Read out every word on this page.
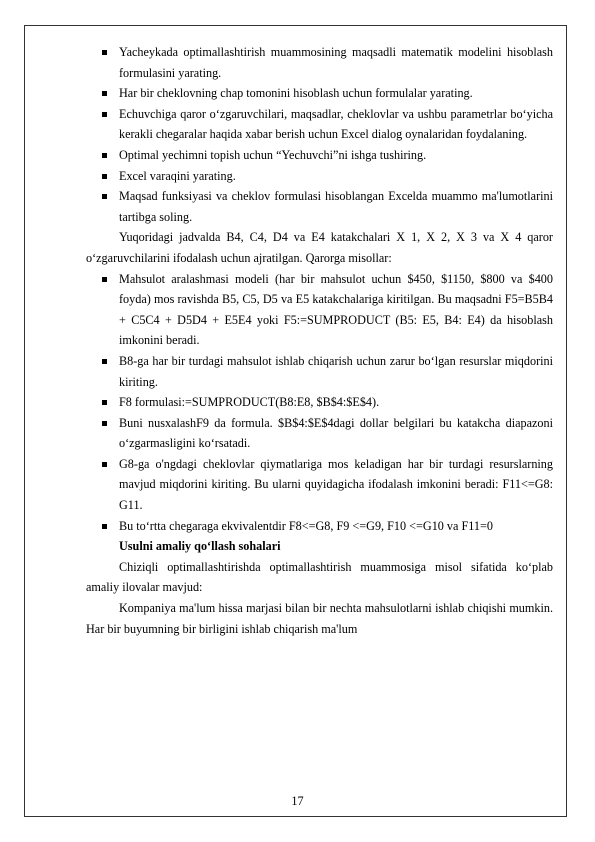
Yacheykada optimallashtirish muammosining maqsadli matematik modelini hisoblash formulasini yarating.
Har bir cheklovning chap tomonini hisoblash uchun formulalar yarating.
Echuvchiga qaror o‘zgaruvchilari, maqsadlar, cheklovlar va ushbu parametrlar bo‘yicha kerakli chegaralar haqida xabar berish uchun Excel dialog oynalaridan foydalaning.
Optimal yechimni topish uchun “Yechuvchi”ni ishga tushiring.
Excel varaqini yarating.
Maqsad funksiyasi va cheklov formulasi hisoblangan Excelda muammo ma'lumotlarini tartibga soling.
Yuqoridagi jadvalda B4, C4, D4 va E4 katakchalari X 1, X 2, X 3 va X 4 qaror o‘zgaruvchilarini ifodalash uchun ajratilgan. Qarorga misollar:
Mahsulot aralashmasi modeli (har bir mahsulot uchun $450, $1150, $800 va $400 foyda) mos ravishda B5, C5, D5 va E5 katakchalariga kiritilgan. Bu maqsadni F5=B5B4 + C5C4 + D5D4 + E5E4 yoki F5:=SUMPRODUCT (B5: E5, B4: E4) da hisoblash imkonini beradi.
B8-ga har bir turdagi mahsulot ishlab chiqarish uchun zarur bo‘lgan resurslar miqdorini kiriting.
F8 formulasi:=SUMPRODUCT(B8:E8, $B$4:$E$4).
Buni nusxalashF9 da formula. $B$4:$E$4dagi dollar belgilari bu katakcha diapazoni o‘zgarmasligini ko‘rsatadi.
G8-ga o'ngdagi cheklovlar qiymatlariga mos keladigan har bir turdagi resurslarning mavjud miqdorini kiriting. Bu ularni quyidagicha ifodalash imkonini beradi: F11<=G8: G11.
Bu to‘rtta chegaraga ekvivalentdir F8<=G8, F9 <=G9, F10 <=G10 va F11=0
Usulni amaliy qo‘llash sohalari
Chiziqli optimallashtirishda optimallashtirish muammosiga misol sifatida ko‘plab amaliy ilovalar mavjud:
Kompaniya ma'lum hissa marjasi bilan bir nechta mahsulotlarni ishlab chiqishi mumkin. Har bir buyumning bir birligini ishlab chiqarish ma'lum
17
